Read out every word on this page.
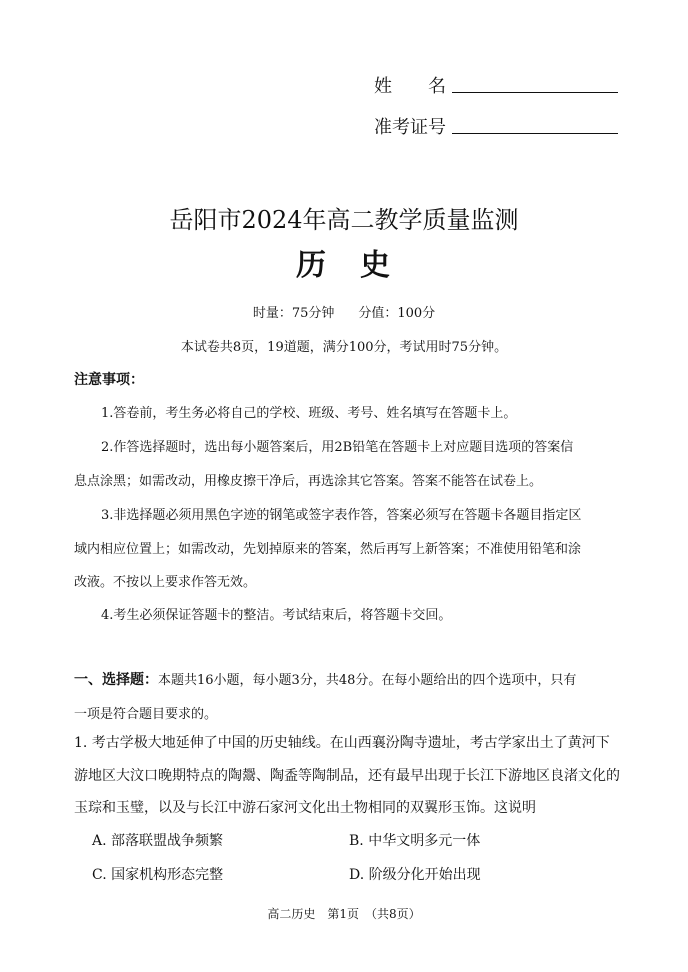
姓　　名
准考证号
岳阳市2024年高二教学质量监测
历　史
时量：75分钟 分值：100分
本试卷共8页，19道题，满分100分，考试用时75分钟。
注意事项：
1.答卷前，考生务必将自己的学校、班级、考号、姓名填写在答题卡上。
2.作答选择题时，选出每小题答案后，用2B铅笔在答题卡上对应题目选项的答案信
息点涂黑；如需改动，用橡皮擦干净后，再选涂其它答案。答案不能答在试卷上。
3.非选择题必须用黑色字迹的钢笔或签字表作答，答案必须写在答题卡各题目指定区
域内相应位置上；如需改动，先划掉原来的答案，然后再写上新答案；不准使用铅笔和涂
改液。不按以上要求作答无效。
4.考生必须保证答题卡的整洁。考试结束后，将答题卡交回。
一、选择题：本题共16小题，每小题3分，共48分。在每小题给出的四个选项中，只有
一项是符合题目要求的。
1. 考古学极大地延伸了中国的历史轴线。在山西襄汾陶寺遗址，考古学家出土了黄河下
游地区大汶口晚期特点的陶鬶、陶盉等陶制品，还有最早出现于长江下游地区良渚文化的
玉琮和玉璧，以及与长江中游石家河文化出土物相同的双翼形玉饰。这说明
A. 部落联盟战争频繁	B. 中华文明多元一体
C. 国家机构形态完整	D. 阶级分化开始出现
高二历史　第1页　（共8页）
